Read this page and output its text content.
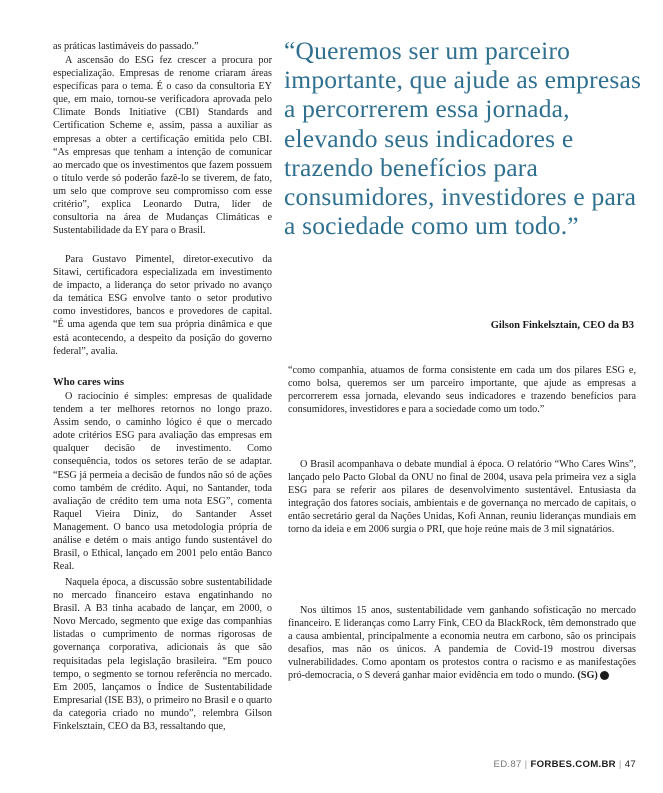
as práticas lastimáveis do passado.”

A ascensão do ESG fez crescer a procura por especialização. Empresas de renome criaram áreas específicas para o tema. É o caso da consultoria EY que, em maio, tornou-se verificadora aprovada pelo Climate Bonds Initiative (CBI) Standards and Certification Scheme e, assim, passa a auxiliar as empresas a obter a certificação emitida pelo CBI. “As empresas que tenham a intenção de comunicar ao mercado que os investimentos que fazem possuem o título verde só poderão fazê-lo se tiverem, de fato, um selo que comprove seu compromisso com esse critério”, explica Leonardo Dutra, líder de consultoria na área de Mudanças Climáticas e Sustentabilidade da EY para o Brasil.

Para Gustavo Pimentel, diretor-executivo da Sitawi, certificadora especializada em investimento de impacto, a liderança do setor privado no avanço da temática ESG envolve tanto o setor produtivo como investidores, bancos e provedores de capital. “É uma agenda que tem sua própria dinâmica e que está acontecendo, a despeito da posição do governo federal”, avalia.

Who cares wins

O raciocínio é simples: empresas de qualidade tendem a ter melhores retornos no longo prazo. Assim sendo, o caminho lógico é que o mercado adote critérios ESG para avaliação das empresas em qualquer decisão de investimento. Como consequência, todos os setores terão de se adaptar. “ESG já permeia a decisão de fundos não só de ações como também de crédito. Aqui, no Santander, toda avaliação de crédito tem uma nota ESG”, comenta Raquel Vieira Diniz, do Santander Asset Management. O banco usa metodologia própria de análise e detém o mais antigo fundo sustentável do Brasil, o Ethical, lançado em 2001 pelo então Banco Real.

Naquela época, a discussão sobre sustentabilidade no mercado financeiro estava engatinhando no Brasil. A B3 tinha acabado de lançar, em 2000, o Novo Mercado, segmento que exige das companhias listadas o cumprimento de normas rigorosas de governança corporativa, adicionais às que são requisitadas pela legislação brasileira. “Em pouco tempo, o segmento se tornou referência no mercado. Em 2005, lançamos o Índice de Sustentabilidade Empresarial (ISE B3), o primeiro no Brasil e o quarto da categoria criado no mundo”, relembra Gilson Finkelsztain, CEO da B3, ressaltando que,

“Queremos ser um parceiro importante, que ajude as empresas a percorrerem essa jornada, elevando seus indicadores e trazendo benefícios para consumidores, investidores e para a sociedade como um todo.”

Gilson Finkelsztain, CEO da B3

“como companhia, atuamos de forma consistente em cada um dos pilares ESG e, como bolsa, queremos ser um parceiro importante, que ajude as empresas a percorrerem essa jornada, elevando seus indicadores e trazendo benefícios para consumidores, investidores e para a sociedade como um todo.”

O Brasil acompanhava o debate mundial à época. O relatório “Who Cares Wins”, lançado pelo Pacto Global da ONU no final de 2004, usava pela primeira vez a sigla ESG para se referir aos pilares de desenvolvimento sustentável. Entusiasta da integração dos fatores sociais, ambientais e de governança no mercado de capitais, o então secretário geral da Nações Unidas, Kofi Annan, reuniu lideranças mundiais em torno da ideia e em 2006 surgia o PRI, que hoje reúne mais de 3 mil signatários.

Nos últimos 15 anos, sustentabilidade vem ganhando sofisticação no mercado financeiro. E lideranças como Larry Fink, CEO da BlackRock, têm demonstrado que a causa ambiental, principalmente a economia neutra em carbono, são os principais desafios, mas não os únicos. A pandemia de Covid-19 mostrou diversas vulnerabilidades. Como apontam os protestos contra o racismo e as manifestações pró-democracia, o S deverá ganhar maior evidência em todo o mundo. (SG) F

ED.87 | FORBES.COM.BR | 47
